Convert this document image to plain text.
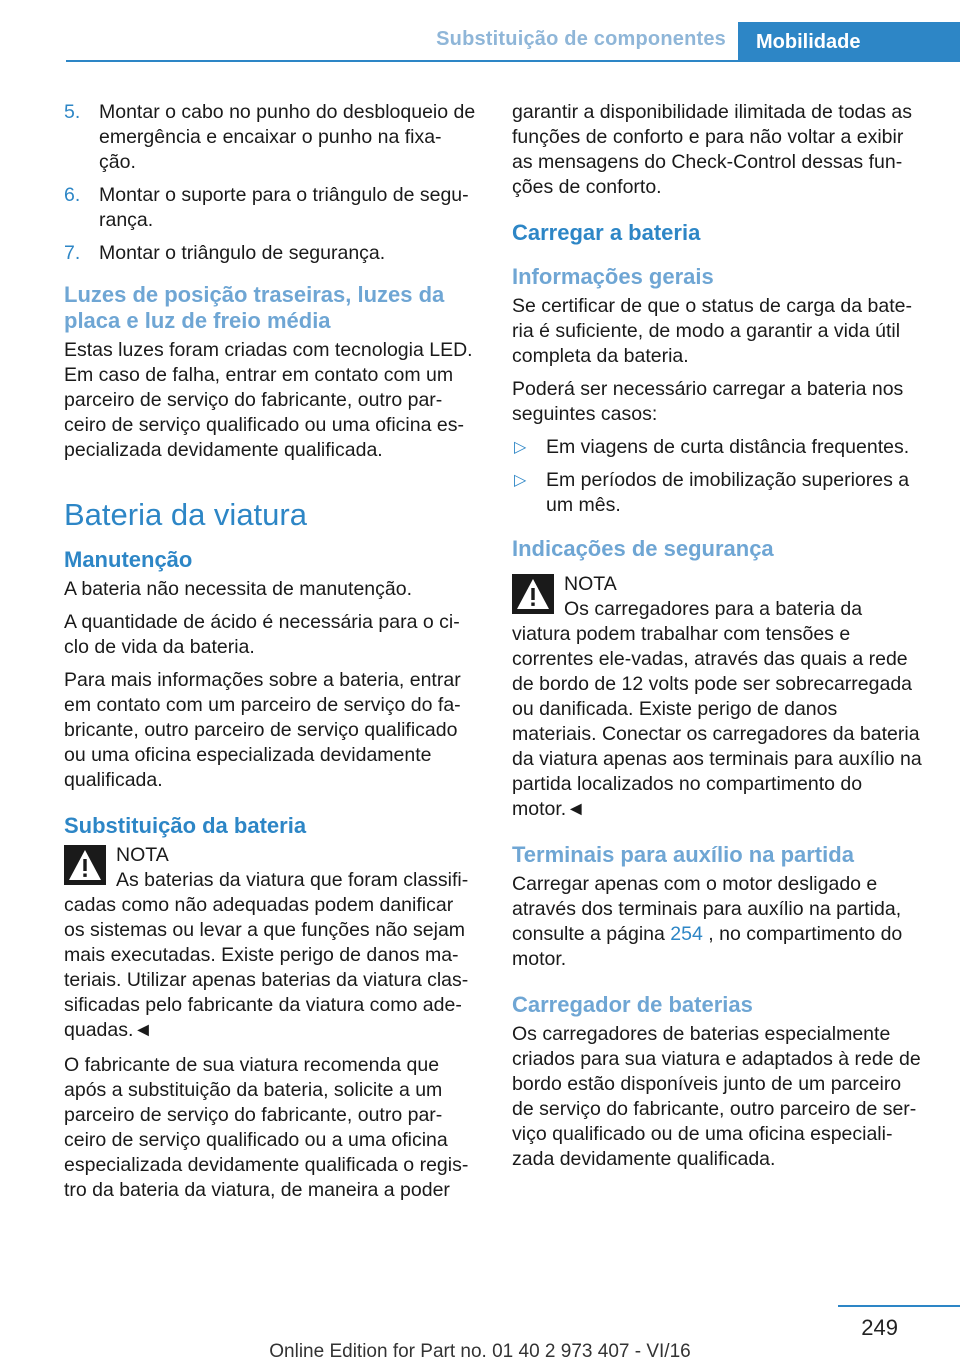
Substituição de componentes	Mobilidade
5. Montar o cabo no punho do desbloqueio de emergência e encaixar o punho na fixa-ção.
6. Montar o suporte para o triângulo de segu-rança.
7. Montar o triângulo de segurança.
Luzes de posição traseiras, luzes da placa e luz de freio média

Estas luzes foram criadas com tecnologia LED. Em caso de falha, entrar em contato com um parceiro de serviço do fabricante, outro par-ceiro de serviço qualificado ou uma oficina es-pecializada devidamente qualificada.

Bateria da viatura
Manutenção

A bateria não necessita de manutenção.

A quantidade de ácido é necessária para o ci-clo de vida da bateria.

Para mais informações sobre a bateria, entrar em contato com um parceiro de serviço do fa-bricante, outro parceiro de serviço qualificado ou uma oficina especializada devidamente qualificada.

Substituição da bateria
NOTA
As baterias da viatura que foram classifi-cadas como não adequadas podem danificar os sistemas ou levar a que funções não sejam mais executadas. Existe perigo de danos ma-teriais. Utilizar apenas baterias da viatura clas-sificadas pelo fabricante da viatura como ade-quadas.◄

O fabricante de sua viatura recomenda que após a substituição da bateria, solicite a um parceiro de serviço do fabricante, outro par-ceiro de serviço qualificado ou a uma oficina especializada devidamente qualificada o regis-tro da bateria da viatura, de maneira a poder

garantir a disponibilidade ilimitada de todas as funções de conforto e para não voltar a exibir as mensagens do Check-Control dessas fun-ções de conforto.

Carregar a bateria
Informações gerais

Se certificar de que o status de carga da bate-ria é suficiente, de modo a garantir a vida útil completa da bateria.

Poderá ser necessário carregar a bateria nos seguintes casos:

▷ Em viagens de curta distância frequentes.
▷ Em períodos de imobilização superiores a um mês.
Indicações de segurança
NOTA
Os carregadores para a bateria da viatura podem trabalhar com tensões e correntes ele-vadas, através das quais a rede de bordo de 12 volts pode ser sobrecarregada ou danificada. Existe perigo de danos materiais. Conectar os carregadores da bateria da viatura apenas aos terminais para auxílio na partida localizados no compartimento do motor.◄
Terminais para auxílio na partida

Carregar apenas com o motor desligado e através dos terminais para auxílio na partida, consulte a página 254 , no compartimento do motor.

Carregador de baterias

Os carregadores de baterias especialmente criados para sua viatura e adaptados à rede de bordo estão disponíveis junto de um parceiro de serviço do fabricante, outro parceiro de ser-viço qualificado ou de uma oficina especiali-zada devidamente qualificada.

249
Online Edition for Part no. 01 40 2 973 407 - VI/16
